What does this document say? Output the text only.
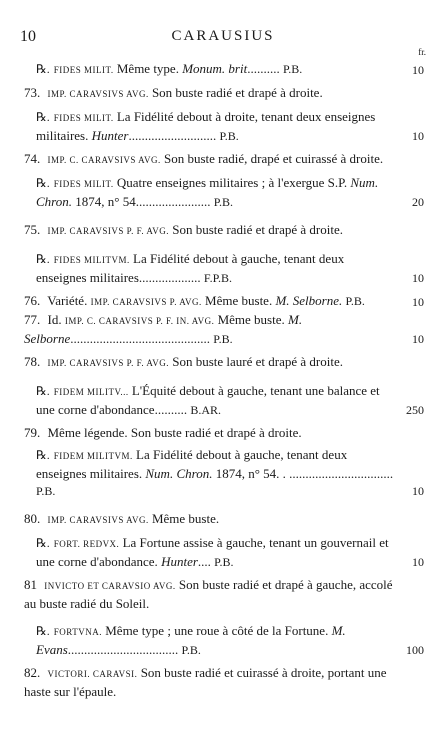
10	CARAUSIUS
fr.
℞. FIDES MILIT. Même type. Monum. brit.......... P.B.	10
73. IMP. CARAVSIVS AVG. Son buste radié et drapé à droite.
℞. FIDES MILIT. La Fidélité debout à droite, tenant deux enseignes militaires. Hunter........................... P.B.	10
74. IMP. C. CARAVSIVS AVG. Son buste radié, drapé et cuirassé à droite.
℞. FIDES MILIT. Quatre enseignes militaires ; à l'exergue S.P. Num. Chron. 1874, n° 54....................... P.B.	20
75. IMP. CARAVSIVS P. F. AVG. Son buste radié et drapé à droite.
℞. FIDES MILITVM. La Fidélité debout à gauche, tenant deux enseignes militaires................... F.P.B.	10
76. Variété. IMP. CARAVSIVS P. AVG. Même buste. M. Selborne. P.B.	10
77. Id. IMP. C. CARAVSIVS P. F. IN. AVG. Même buste. M. Selborne........................................... P.B.	10
78. IMP. CARAVSIVS P. F. AVG. Son buste lauré et drapé à droite.
℞. FIDEM MILITV... L'Équité debout à gauche, tenant une balance et une corne d'abondance.......... B.AR.	250
79. Même légende. Son buste radié et drapé à droite.
℞. FIDEM MILITVM. La Fidélité debout à gauche, tenant deux enseignes militaires. Num. Chron. 1874, n° 54. . ................................ P.B.	10
80. IMP. CARAVSIVS AVG. Même buste.
℞. FORT. REDVX. La Fortune assise à gauche, tenant un gouvernail et une corne d'abondance. Hunter.... P.B.	10
81 INVICTO ET CARAVSIO AVG. Son buste radié et drapé à gauche, accolé au buste radié du Soleil.
℞. FORTVNA. Même type ; une roue à côté de la Fortune. M. Evans.................................. P.B.	100
82. VICTORI. CARAVSI. Son buste radié et cuirassé à droite, portant une haste sur l'épaule.
